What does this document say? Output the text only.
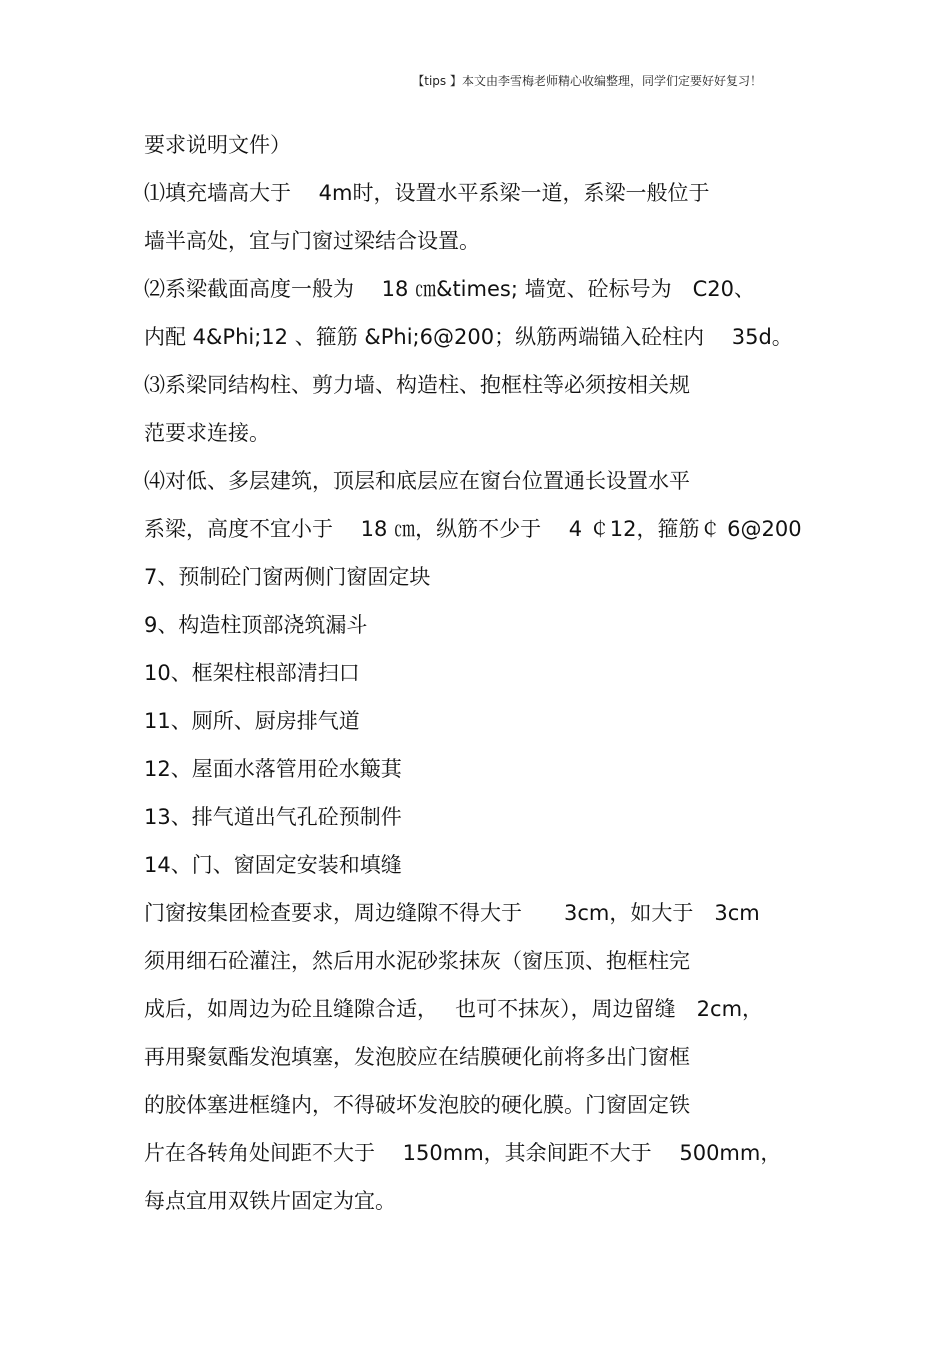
【tips 】本文由李雪梅老师精心收编整理，同学们定要好好复习！
要求说明文件）
⑴填充墙高大于　 4m时，设置水平系梁一道，系梁一般位于
墙半高处，宜与门窗过梁结合设置。
⑵系梁截面高度一般为　 18 ㎝&times; 墙宽、砼标号为　C20、
内配 4&Phi;12 、箍筋 &Phi;6@200；纵筋两端锚入砼柱内　 35d。
⑶系梁同结构柱、剪力墙、构造柱、抱框柱等必须按相关规
范要求连接。
⑷对低、多层建筑，顶层和底层应在窗台位置通长设置水平
系梁，高度不宜小于　 18 ㎝，纵筋不少于　 4 ￠12，箍筋￠ 6@200
7、预制砼门窗两侧门窗固定块
9、构造柱顶部浇筑漏斗
10、框架柱根部清扫口
11、厕所、厨房排气道
12、屋面水落管用砼水簸萁
13、排气道出气孔砼预制件
14、门、窗固定安装和填缝
门窗按集团检查要求，周边缝隙不得大于　　3cm，如大于　3cm
须用细石砼灌注，然后用水泥砂浆抹灰（窗压顶、抱框柱完
成后，如周边为砼且缝隙合适，　 也可不抹灰），周边留缝　2cm，
再用聚氨酯发泡填塞，发泡胶应在结膜硬化前将多出门窗框
的胶体塞进框缝内，不得破坏发泡胶的硬化膜。门窗固定铁
片在各转角处间距不大于　 150mm，其余间距不大于　 500mm，
每点宜用双铁片固定为宜。
